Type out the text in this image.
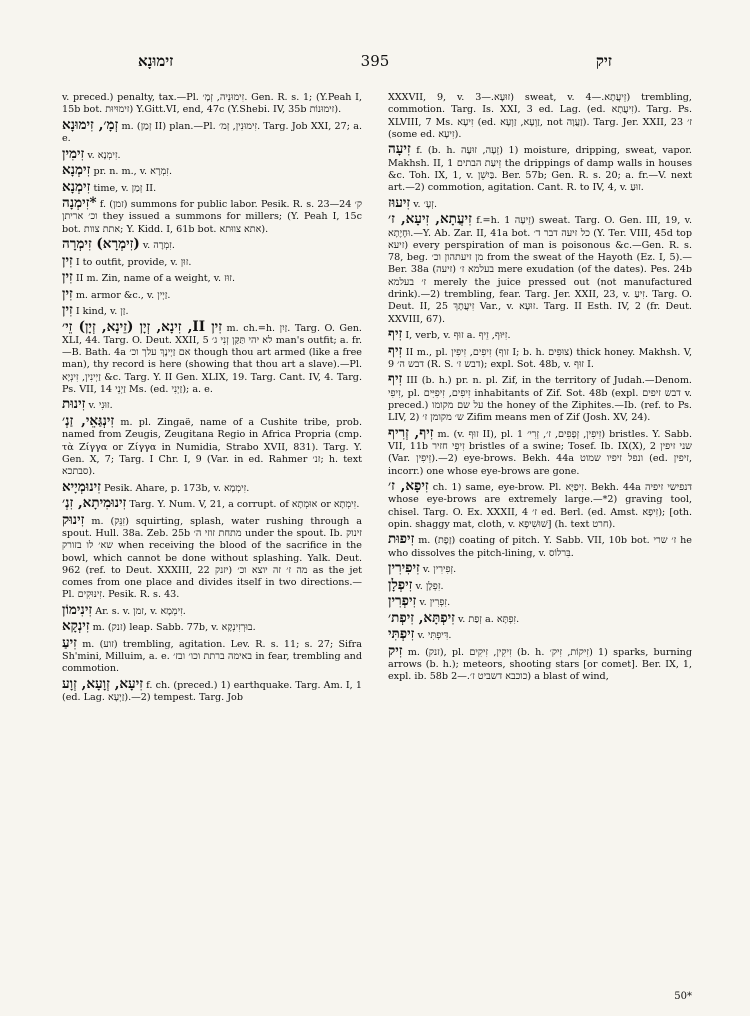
זימוּנָא	395	זיק

v. preced.) penalty, tax.—Pl. זִימוּנֵיה, זְמָ׳. Gen. R. s. 1; (Y.Peah I, 15b bot. זימוּיוּת) Y.Gitt.VI, end, 47c (Y.Shebi. IV, 35b זימוּנוֹת).

זְמָ׳, זִימוּנָא m. (זְמַן II) plan.—Pl. זִימוּנִין, זְמ׳. Targ. Job XXI, 27; a. e.

זִימִין v. זִימְנָא.

זִימְנָא pr. n. m., v. זִמְרָא.

זִימְנָא time, v. זְמַן II.

*זִימְנָה f. (זמן) summons for public labor. Pesik. R. s. 23—24 ק׳ וכ׳ אריתן they issued a summons for millers; (Y. Peah I, 15c bot. אתת צוות; Y. Kidd. I, 61b bot. אתא צווּתא).

(זִימְרָא) זִימְרָה v. זִמְרָה.

זִין I to outfit, provide, v. זוּן.

זִין II m. Zin, name of a weight, v. זוּז.

זִין m. armor &c., v. זַיְין.

זִין I kind, v. זַן.

זִין II, זִינָא, זְיָן (זֵינָא, זְיָן) זֵי׳ m. ch.=h. זַיִן. Targ. O. Gen. XLI, 44. Targ. O. Deut. XXII, 5 לא יהי תַּקַּן זְנִי ג׳ man's outfit; a. fr.—B. Bath. 4a אם זַיְינָךְ עלך וכ׳ though thou art armed (like a free man), thy record is here (showing that thou art a slave).—Pl. זַיְינִין, זִינְיָא &c. Targ. Y. II Gen. XLIX, 19. Targ. Cant. IV, 4. Targ. Ps. VII, 14 זַיְנֵי Ms. (ed. זַיְנִי); a. e.

זִינוּת v. זוּנִי.

זִינְגַּאֵי, זַנְ׳ m. pl. Zingaë, name of a Cushite tribe, prob. named from Zeugis, Zeugitana Regio in Africa Propria (cmp. τὰ Ζίγγα or Ζίγγα in Numidia, Strabo XVII, 831). Targ. Y. Gen. X, 7; Targ. I Chr. I, 9 (Var. in ed. Rahmer זנ׳; h. text סבתכא).

זִינוּמְיָיא Pesik. Ahare, p. 173b, v. זִימְמָא.

זִינוּמִיתָא, זִנְ׳ Targ. Y. Num. V, 21, a corrupt. of אוּמְתָא or זִימְתָא.

זִינוּק m. (זִנֵּק) squirting, splash, water rushing through a spout. Hull. 38a. Zeb. 25b מתחת זוזי ה׳ under the spout. Ib. זינוק שא׳ לו בזורק when receiving the blood of the sacrifice in the bowl, which cannot be done without splashing. Yalk. Deut. 962 (ref. to Deut. XXXIII, 22 יזנק) מה ז׳ זה יוצא וכ׳ as the jet comes from one place and divides itself in two directions.—Pl. זִינּוּקִים. Pesik. R. s. 43.

זִינִימוֹן Ar. s. v. זמן, v. זִימְמָא.

זִינְקָא m. (זנק) leap. Sabb. 77b, v. בוּרְזִינְקָא.

זִיעַ m. (זוע) trembling, agitation. Lev. R. s. 11; s. 27; Sifra Sh'mini, Milluim, a. e. באימה ברתת וכו׳ ובז׳ in fear, trembling and commotion.

זִיעָא, זְוָעָא, זְוָע f. ch. (preced.) 1) earthquake. Targ. Am. I, 1 (ed. Lag. זַיְעָא).—2) tempest. Targ. Job

XXXVII, 9, v. זוּעָא.—3) sweat, v. זֵיעֲתָא.—4) trembling, commotion. Targ. Is. XXI, 3 ed. Lag. (ed. זִיעֲתָא). Targ. Ps. XLVIII, 7 Ms. זִיעָא (ed. זַוְעָא, זַוְעָא, not זַעֲוָה). Targ. Jer. XXII, 23 ז׳ (some ed. זִיעָא).

זִיעָה f. (b. h. זֵעָה, זוּעָה) 1) moisture, dripping, sweat, vapor. Makhsh. II, 1 זֵיעַת הבתים the drippings of damp walls in houses &c. Toh. IX, 1, v. בַּיִשֵׁן. Ber. 57b; Gen. R. s. 20; a. fr.—V. next art.—2) commotion, agitation. Cant. R. to IV, 4, v. זוּעַ.

זִיעוּז v. זְעָ׳.

זִיעֲתָא, זִיעָא, ז׳ f.=h. זֵיעָה 1) sweat. Targ. O. Gen. III, 19, v. וּחֶיֶתָא.—Y. Ab. Zar. II, 41a bot. כל זיעה דבר ד׳ (Y. Ter. VIII, 45d top זיעא) every perspiration of man is poisonous &c.—Gen. R. s. 78, beg. מן זיעתהון וכ׳ from the sweat of the Hayoth (Ez. I, 5).—Ber. 38a (זיעה) בעלמא ז׳ mere exudation (of the dates). Pes. 24b ז׳ בעלמא merely the juice pressed out (not manufactured drink).—2) trembling, fear. Targ. Jer. XXII, 23, v. זִיעַ. Targ. O. Deut. II, 25 זִיעֲתָךְ Var., v. זוּעָא. Targ. II Esth. IV, 2 (fr. Deut. XXVIII, 67).

זִיף I, verb, v. זוּף a. זִיּוּף, זֵיף.

זִיף II m., pl. זִיפִים, זִיפִין (זוף I; b. h. צוּפִים) thick honey. Makhsh. V, 9 דבש ה׳ (R. S. דבש ז׳); expl. Sot. 48b, v. זוּף I.

זִיף III (b. h.) pr. n. pl. Zif, in the territory of Judah.—Denom. זִיפִי, pl. זִיפִים, זִיפִיִּים inhabitants of Zif. Sot. 48b (expl. דבש זיפים v. preced.) על שם מקומו the honey of the Ziphites.—Ib. (ref. to Ps. LIV, 2) ש׳ מקומן ז׳ Zifim means men of Zif (Josh. XV, 24).

זִיף, זְרִיף m. (v. זוּף II), pl. זִיפִין, זְפָפִים, ז׳, זְרִי׳ 1) bristles. Y. Sabb. VII, 11b זִיפֵי חזיר bristles of a swine; Tosef. Ib. IX(X), 2 שני זיפין (Var. זֵיפִין).—2) eye-brows. Bekh. 44a ונפל זיפיו שמוט (ed. זיפין, incorr.) one whose eye-brows are gone.

זִיפָא, ז׳ ch. 1) same, eye-brow. Pl. זִיפַיָּא. Bekh. 44a דנפישי זיפיה whose eye-brows are extremely large.—*2) graving tool, chisel. Targ. O. Ex. XXXII, 4 ז׳ ed. Berl. (ed. Amst. זִיפָא); [oth. opin. shaggy mat, cloth, v. שׁוּשִׁיפָא] (h. text חרט).

זִיפוּת m. (זָפֶת) coating of pitch. Y. Sabb. VII, 10b bot. ז׳ שרי he who dissolves the pitch-lining, v. בִּרלוֹס.

זִיפִירִין v. זְפִירִין.

זִיפְלָן v. זִפְלָן.

זִיפְרִין v. זִפְרִין.

זִיפְתָּא, זִיפְת׳ v. זְפַת a. זִפְתָּא.

זִיפְתִּי v. דִּיפְתִּי.

זִיק m. (זנק), pl. זִיקִין, זִיקִים (b. h. זִיקוֹת, זִיק׳) 1) sparks, burning arrows (b. h.); meteors, shooting stars [or comet]. Ber. IX, 1, expl. ib. 58b כוכבא דשביט ז׳.—2) a blast of wind,

50*
